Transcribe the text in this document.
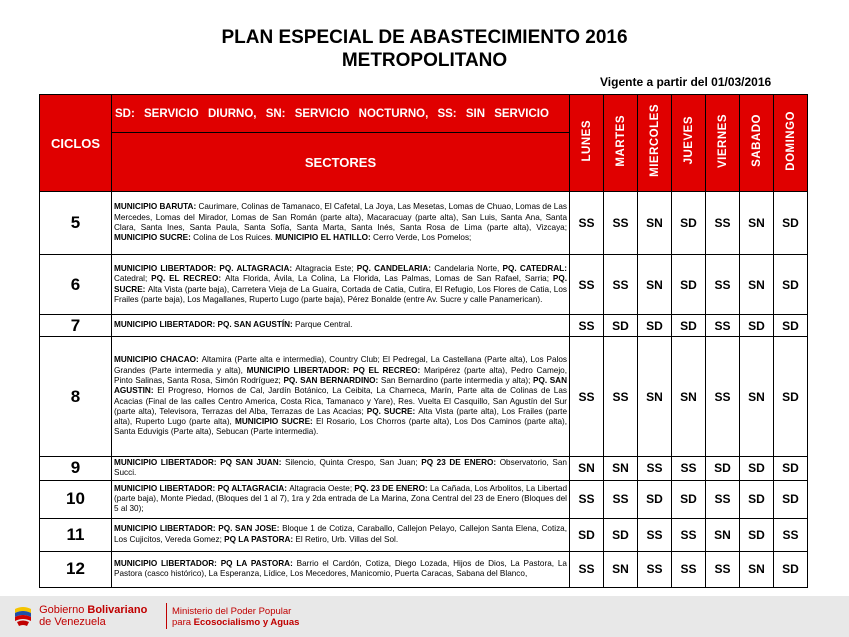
PLAN ESPECIAL DE ABASTECIMIENTO 2016
METROPOLITANO
Vigente a partir del 01/03/2016
CICLOS	SD: SERVICIO DIURNO, SN: SERVICIO NOCTURNO, SS: SIN SERVICIO	LUNES	MARTES	MIERCOLES	JUEVES	VIERNES	SABADO	DOMINGO
	SECTORES							
5	MUNICIPIO BARUTA: Caurimare, Colinas de Tamanaco, El Cafetal, La Joya, Las Mesetas, Lomas de Chuao, Lomas de Las Mercedes, Lomas del Mirador, Lomas de San Román (parte alta), Macaracuay (parte alta), San Luis, Santa Ana, Santa Clara, Santa Ines, Santa Paula, Santa Sofía, Santa Marta, Santa Inés, Santa Rosa de Lima (parte alta), Vizcaya; MUNICIPIO SUCRE: Colina de Los Ruices. MUNICIPIO EL HATILLO: Cerro Verde, Los Pomelos;	SS	SS	SN	SD	SS	SN	SD
6	MUNICIPIO LIBERTADOR: PQ. ALTAGRACIA: Altagracia Este; PQ. CANDELARIA: Candelaria Norte, PQ. CATEDRAL: Catedral; PQ. EL RECREO: Alta Florida, Ávila, La Colina, La Florida, Las Palmas, Lomas de San Rafael, Sarria; PQ. SUCRE: Alta Vista (parte baja), Carretera Vieja de La Guaira, Cortada de Catia, Cutira, El Refugio, Los Flores de Catia, Los Frailes (parte baja), Los Magallanes, Ruperto Lugo (parte baja), Pérez Bonalde (entre Av. Sucre y calle Panamerican).	SS	SS	SN	SD	SS	SN	SD
7	MUNICIPIO LIBERTADOR: PQ. SAN AGUSTÍN: Parque Central.	SS	SD	SD	SD	SS	SD	SD
8	MUNICIPIO CHACAO: Altamira (Parte alta e intermedia), Country Club; El Pedregal, La Castellana (Parte alta), Los Palos Grandes (Parte intermedia y alta), MUNICIPIO LIBERTADOR: PQ EL RECREO: Maripérez (parte alta), Pedro Camejo, Pinto Salinas, Santa Rosa, Simón Rodríguez; PQ. SAN BERNARDINO: San Bernardino (parte intermedia y alta); PQ. SAN AGUSTIN: El Progreso, Hornos de Cal, Jardín Botánico, La Ceibita, La Charneca, Marín, Parte alta de Colinas de Las Acacias (Final de las calles Centro America, Costa Rica, Tamanaco y Yare), Res. Vuelta El Casquillo, San Agustín del Sur (parte alta), Televisora, Terrazas del Alba, Terrazas de Las Acacias; PQ. SUCRE: Alta Vista (parte alta), Los Frailes (parte alta), Ruperto Lugo (parte alta), MUNICIPIO SUCRE: El Rosario, Los Chorros (parte alta), Los Dos Caminos (parte alta), Santa Eduvigis (Parte alta), Sebucan (Parte intermedia).	SS	SS	SN	SN	SS	SN	SD
9	MUNICIPIO LIBERTADOR: PQ SAN JUAN: Silencio, Quinta Crespo, San Juan; PQ 23 DE ENERO: Observatorio, San Succi.	SN	SN	SS	SS	SD	SD	SD
10	MUNICIPIO LIBERTADOR: PQ ALTAGRACIA: Altagracia Oeste; PQ. 23 DE ENERO: La Cañada, Los Arbolitos, La Libertad (parte baja), Monte Piedad, (Bloques del 1 al 7), 1ra y 2da entrada de La Marina, Zona Central del 23 de Enero (Bloques del 5 al 30);	SS	SS	SD	SD	SS	SD	SD
11	MUNICIPIO LIBERTADOR: PQ. SAN JOSE: Bloque 1 de Cotiza, Caraballo, Callejon Pelayo, Callejon Santa Elena, Cotiza, Los Cujicitos, Vereda Gomez; PQ LA PASTORA: El Retiro, Urb. Villas del Sol.	SD	SD	SS	SS	SN	SD	SS
12	MUNICIPIO LIBERTADOR: PQ LA PASTORA: Barrio el Cardón, Cotiza, Diego Lozada, Hijos de Dios, La Pastora, La Pastora (casco histórico), La Esperanza, Lídice, Los Mecedores, Manicomio, Puerta Caracas, Sabana del Blanco,	SS	SN	SS	SS	SS	SN	SD
Gobierno Bolivariano
de Venezuela
Ministerio del Poder Popular
para Ecosocialismo y Aguas
